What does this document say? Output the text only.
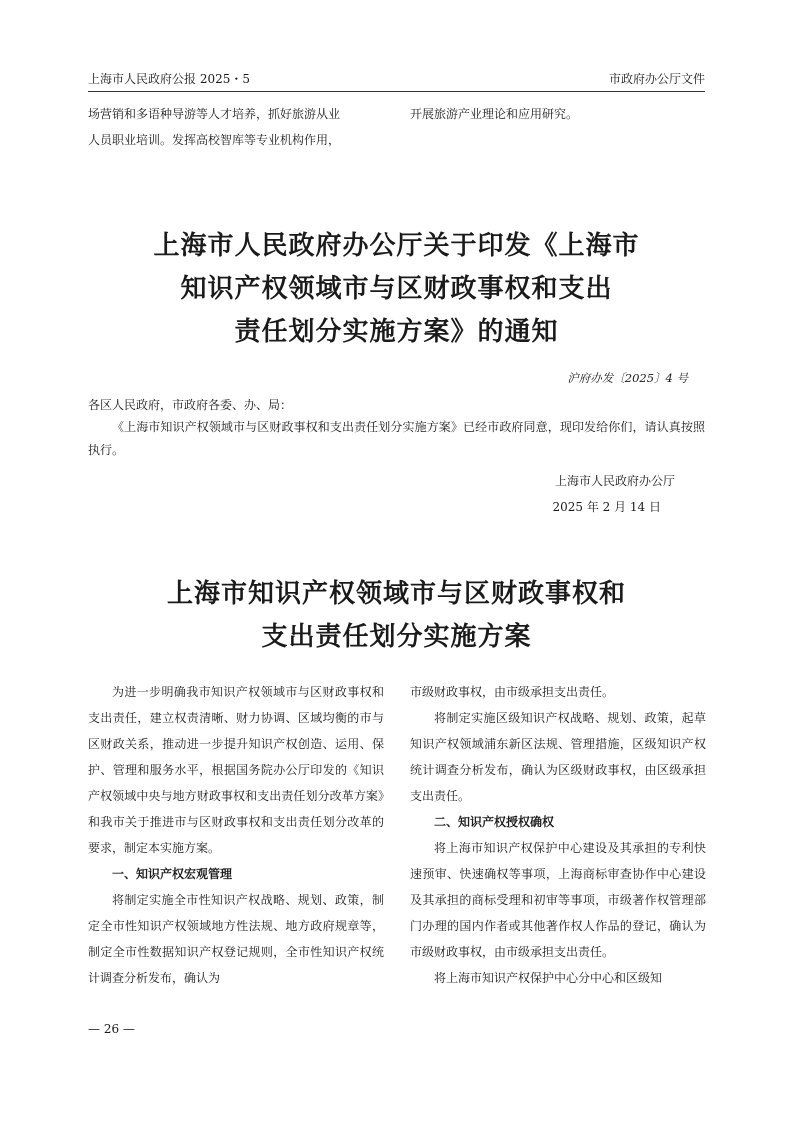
上海市人民政府公报 2025・5	市政府办公厅文件
场营销和多语种导游等人才培养，抓好旅游从业
人员职业培训。发挥高校智库等专业机构作用，
开展旅游产业理论和应用研究。
上海市人民政府办公厅关于印发《上海市
知识产权领域市与区财政事权和支出
责任划分实施方案》的通知
沪府办发〔2025〕4 号
各区人民政府，市政府各委、办、局：
《上海市知识产权领域市与区财政事权和支出责任划分实施方案》已经市政府同意，现印发给你们，请认真按照执行。
上海市人民政府办公厅
2025 年 2 月 14 日
上海市知识产权领域市与区财政事权和
支出责任划分实施方案

为进一步明确我市知识产权领域市与区财政事权和支出责任，建立权责清晰、财力协调、区域均衡的市与区财政关系，推动进一步提升知识产权创造、运用、保护、管理和服务水平，根据国务院办公厅印发的《知识产权领域中央与地方财政事权和支出责任划分改革方案》和我市关于推进市与区财政事权和支出责任划分改革的要求，制定本实施方案。

一、知识产权宏观管理

将制定实施全市性知识产权战略、规划、政策，制定全市性知识产权领域地方性法规、地方政府规章等，制定全市性数据知识产权登记规则，全市性知识产权统计调查分析发布，确认为

市级财政事权，由市级承担支出责任。

将制定实施区级知识产权战略、规划、政策，起草知识产权领域浦东新区法规、管理措施，区级知识产权统计调查分析发布，确认为区级财政事权，由区级承担支出责任。

二、知识产权授权确权

将上海市知识产权保护中心建设及其承担的专利快速预审、快速确权等事项，上海商标审查协作中心建设及其承担的商标受理和初审等事项，市级著作权管理部门办理的国内作者或其他著作权人作品的登记，确认为市级财政事权，由市级承担支出责任。

将上海市知识产权保护中心分中心和区级知

— 26 —
